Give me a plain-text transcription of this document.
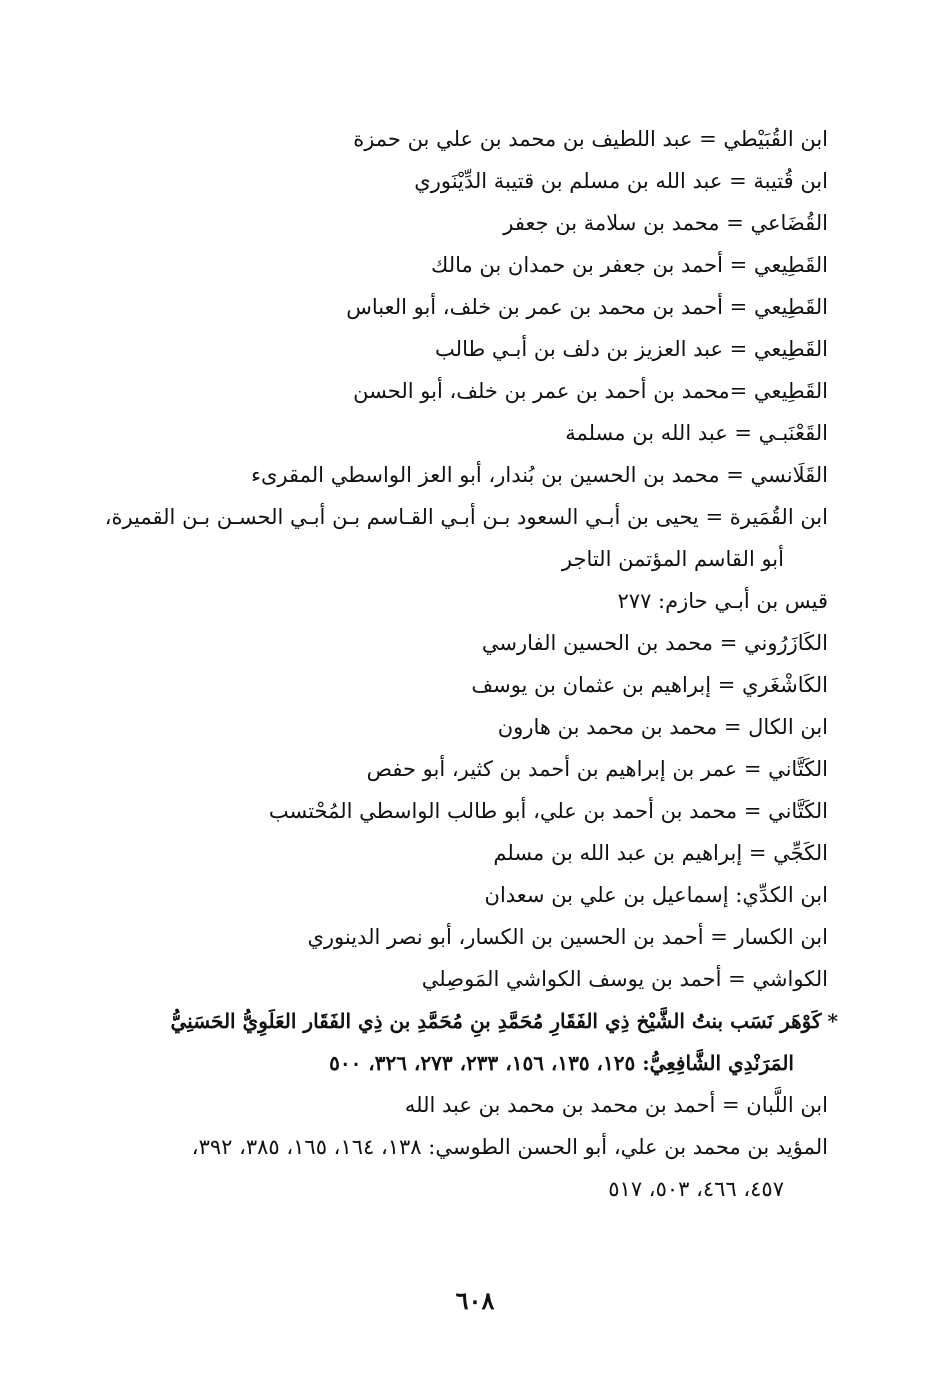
ابن القُبَيْطي = عبد اللطيف بن محمد بن علي بن حمزة
ابن قُتيبة = عبد الله بن مسلم بن قتيبة الدِّيْنَوري
القُضَاعي = محمد بن سلامة بن جعفر
القَطِيعي = أحمد بن جعفر بن حمدان بن مالك
القَطِيعي = أحمد بن محمد بن عمر بن خلف، أبو العباس
القَطِيعي = عبد العزيز بن دلف بن أبـي طالب
القَطِيعي =محمد بن أحمد بن عمر بن خلف، أبو الحسن
القَعْنَبـي = عبد الله بن مسلمة
القَلَانسي = محمد بن الحسين بن بُندار، أبو العز الواسطي المقرىء
ابن القُمَيرة = يحيى بن أبـي السعود بـن أبـي القـاسم بـن أبـي الحسـن بـن القميرة،
أبو القاسم المؤتمن التاجر
قيس بن أبـي حازم: ٢٧٧
الكَازَرُوني = محمد بن الحسين الفارسي
الكَاشْغَري = إبراهيم بن عثمان بن يوسف
ابن الكال = محمد بن محمد بن هارون
الكَتَّاني = عمر بن إبراهيم بن أحمد بن كثير، أبو حفص
الكَتَّاني = محمد بن أحمد بن علي، أبو طالب الواسطي المُحْتسب
الكَجِّي = إبراهيم بن عبد الله بن مسلم
ابن الكدِّي: إسماعيل بن علي بن سعدان
ابن الكسار = أحمد بن الحسين بن الكسار، أبو نصر الدينوري
الكواشي = أحمد بن يوسف الكواشي المَوصِلي
*كَوْهَر نَسَب بنتُ الشَّيْخ ذِي الفَقَارِ مُحَمَّدِ بنِ مُحَمَّدِ بن ذِي الفَقَار العَلَوِيُّ الحَسَنِيُّ
المَرَنْدِي الشَّافِعِيُّ: ١٢٥، ١٣٥، ١٥٦، ٢٣٣، ٢٧٣، ٣٢٦، ٥٠٠
ابن اللَّبان = أحمد بن محمد بن محمد بن عبد الله
المؤيد بن محمد بن علي، أبو الحسن الطوسي: ١٣٨، ١٦٤، ١٦٥، ٣٨٥، ٣٩٢،
٤٥٧، ٤٦٦، ٥٠٣، ٥١٧
٦٠٨
